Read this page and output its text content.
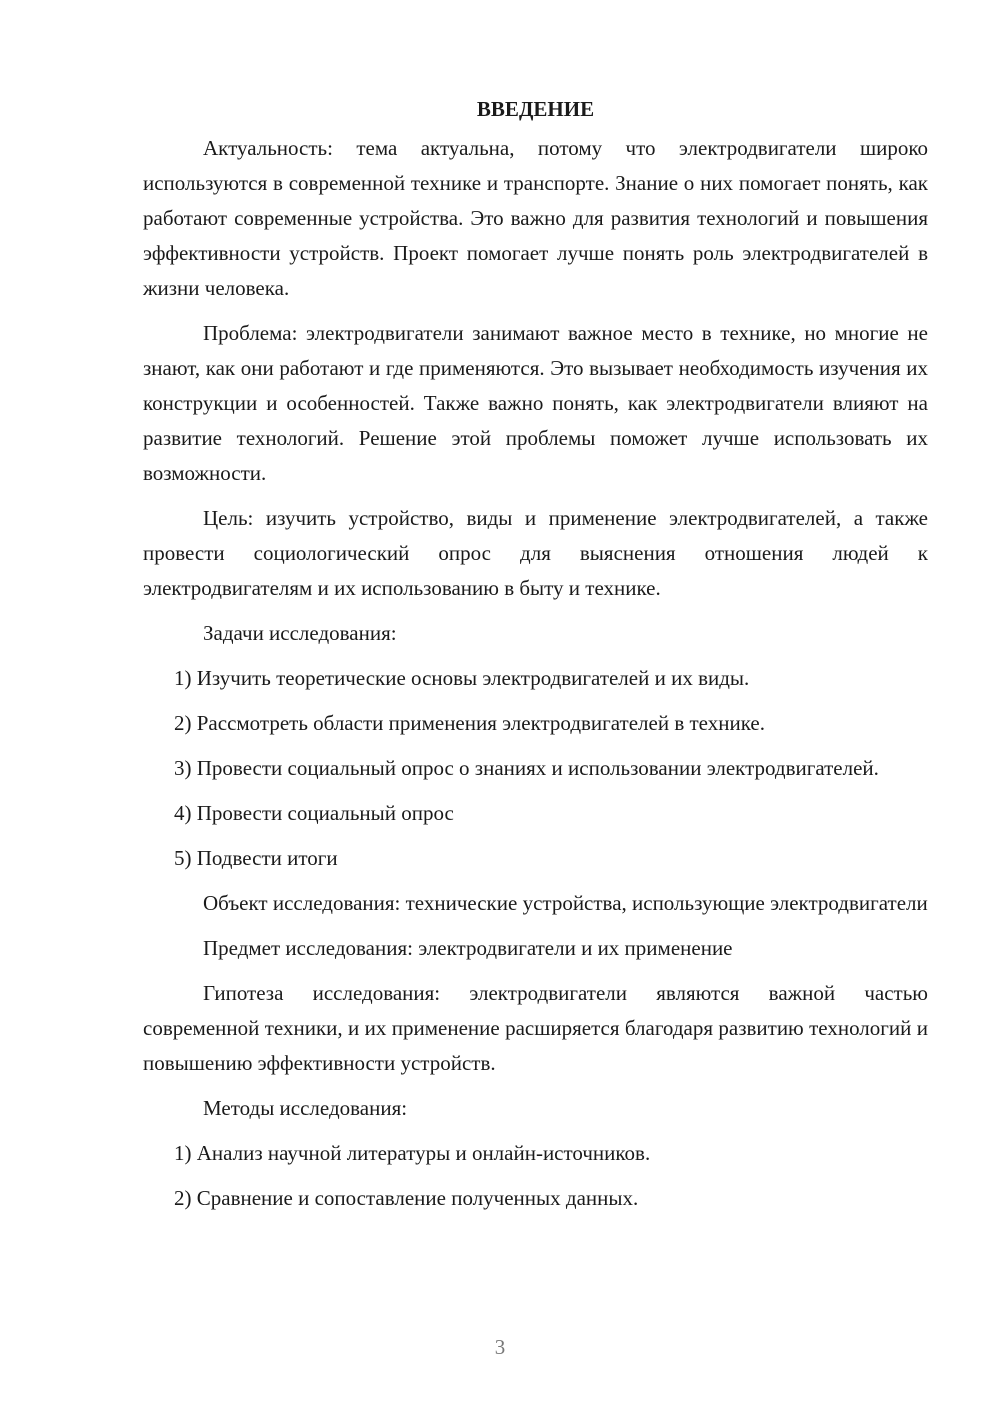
ВВЕДЕНИЕ

Актуальность: тема актуальна, потому что электродвигатели широко используются в современной технике и транспорте. Знание о них помогает понять, как работают современные устройства. Это важно для развития технологий и повышения эффективности устройств. Проект помогает лучше понять роль электродвигателей в жизни человека.

Проблема: электродвигатели занимают важное место в технике, но многие не знают, как они работают и где применяются. Это вызывает необходимость изучения их конструкции и особенностей. Также важно понять, как электродвигатели влияют на развитие технологий. Решение этой проблемы поможет лучше использовать их возможности.

Цель: изучить устройство, виды и применение электродвигателей, а также провести социологический опрос для выяснения отношения людей к электродвигателям и их использованию в быту и технике.

Задачи исследования:

1) Изучить теоретические основы электродвигателей и их виды.

2) Рассмотреть области применения электродвигателей в технике.

3) Провести социальный опрос о знаниях и использовании электродвигателей.

4) Провести социальный опрос

5) Подвести итоги

Объект исследования: технические устройства, использующие электродвигатели

Предмет исследования: электродвигатели и их применение

Гипотеза исследования: электродвигатели являются важной частью современной техники, и их применение расширяется благодаря развитию технологий и повышению эффективности устройств.

Методы исследования:

1) Анализ научной литературы и онлайн-источников.

2) Сравнение и сопоставление полученных данных.

3
